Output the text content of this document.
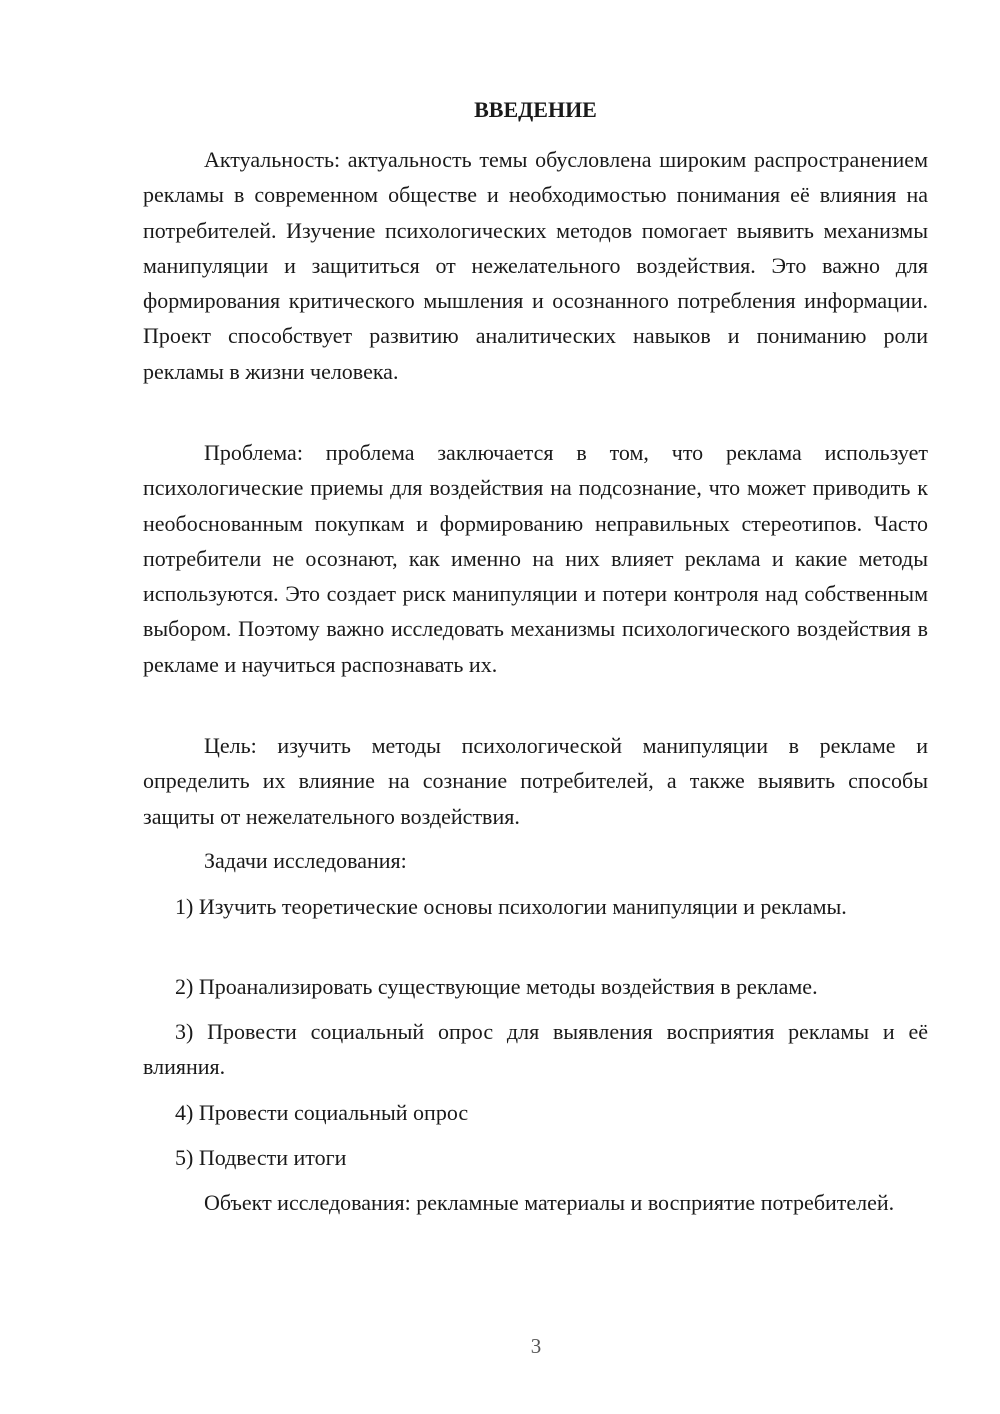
ВВЕДЕНИЕ

Актуальность: актуальность темы обусловлена широким распространением рекламы в современном обществе и необходимостью понимания её влияния на потребителей. Изучение психологических методов помогает выявить механизмы манипуляции и защититься от нежелательного воздействия. Это важно для формирования критического мышления и осознанного потребления информации. Проект способствует развитию аналитических навыков и пониманию роли рекламы в жизни человека.

Проблема: проблема заключается в том, что реклама использует психологические приемы для воздействия на подсознание, что может приводить к необоснованным покупкам и формированию неправильных стереотипов. Часто потребители не осознают, как именно на них влияет реклама и какие методы используются. Это создает риск манипуляции и потери контроля над собственным выбором. Поэтому важно исследовать механизмы психологического воздействия в рекламе и научиться распознавать их.

Цель: изучить методы психологической манипуляции в рекламе и определить их влияние на сознание потребителей, а также выявить способы защиты от нежелательного воздействия.

Задачи исследования:

1) Изучить теоретические основы психологии манипуляции и рекламы.

2) Проанализировать существующие методы воздействия в рекламе.

3) Провести социальный опрос для выявления восприятия рекламы и её влияния.

4) Провести социальный опрос

5) Подвести итоги

Объект исследования: рекламные материалы и восприятие потребителей.

3
